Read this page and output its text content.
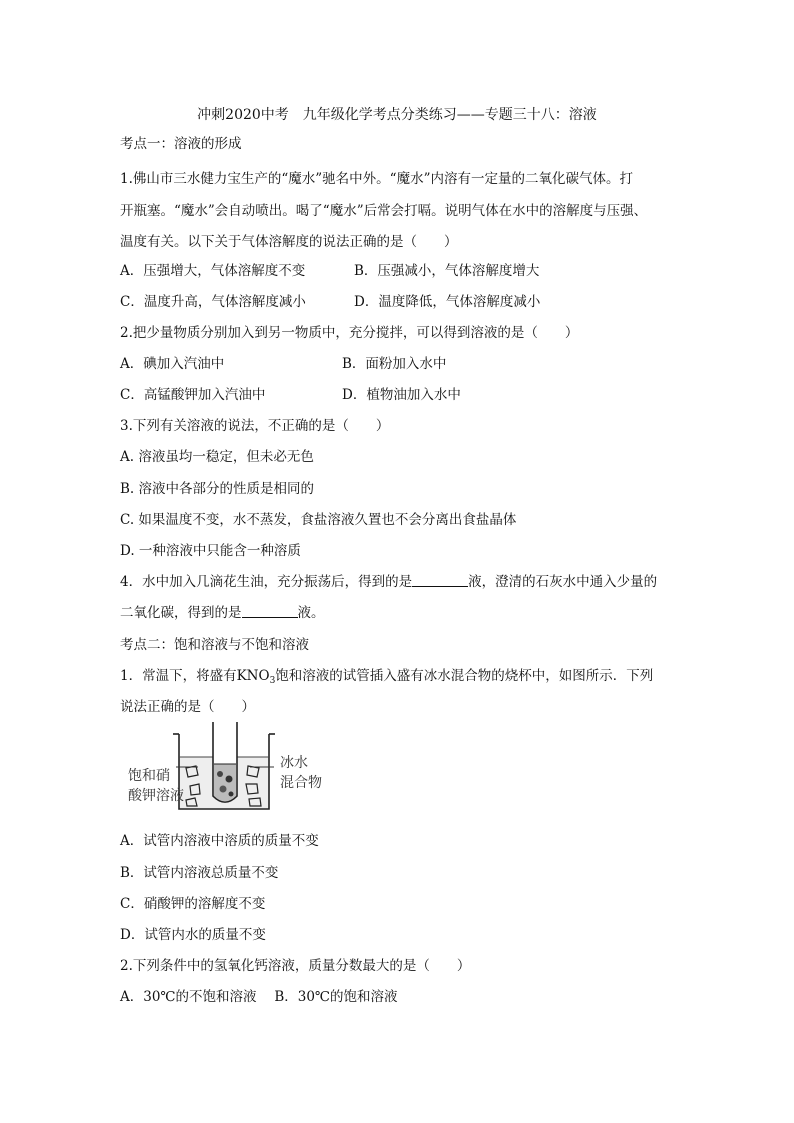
冲刺2020中考　九年级化学考点分类练习——专题三十八：溶液
考点一：溶液的形成
1.佛山市三水健力宝生产的“魔水”驰名中外。“魔水”内溶有一定量的二氧化碳气体。打
开瓶塞。“魔水”会自动喷出。喝了“魔水”后常会打嗝。说明气体在水中的溶解度与压强、
温度有关。以下关于气体溶解度的说法正确的是（　　）
A．压强增大，气体溶解度不变	B．压强减小，气体溶解度增大
C．温度升高，气体溶解度减小	D．温度降低，气体溶解度减小
2.把少量物质分别加入到另一物质中，充分搅拌，可以得到溶液的是（　　）
A．碘加入汽油中	B．面粉加入水中
C．高锰酸钾加入汽油中	D．植物油加入水中
3.下列有关溶液的说法，不正确的是（　　）
A. 溶液虽均一稳定，但未必无色
B. 溶液中各部分的性质是相同的
C. 如果温度不变，水不蒸发，食盐溶液久置也不会分离出食盐晶体
D. 一种溶液中只能含一种溶质
4．水中加入几滴花生油，充分振荡后，得到的是	液，澄清的石灰水中通入少量的
二氧化碳，得到的是	液。
考点二：饱和溶液与不饱和溶液
1．常温下，将盛有$KNO_3$饱和溶液的试管插入盛有冰水混合物的烧杯中，如图所示．下列
说法正确的是（　　）
饱和硝
酸钾溶液
冰水
混合物
A．试管内溶液中溶质的质量不变
B．试管内溶液总质量不变
C．硝酸钾的溶解度不变
D．试管内水的质量不变
2.下列条件中的氢氧化钙溶液，质量分数最大的是（　　）
A．30℃的不饱和溶液　 B．30℃的饱和溶液
